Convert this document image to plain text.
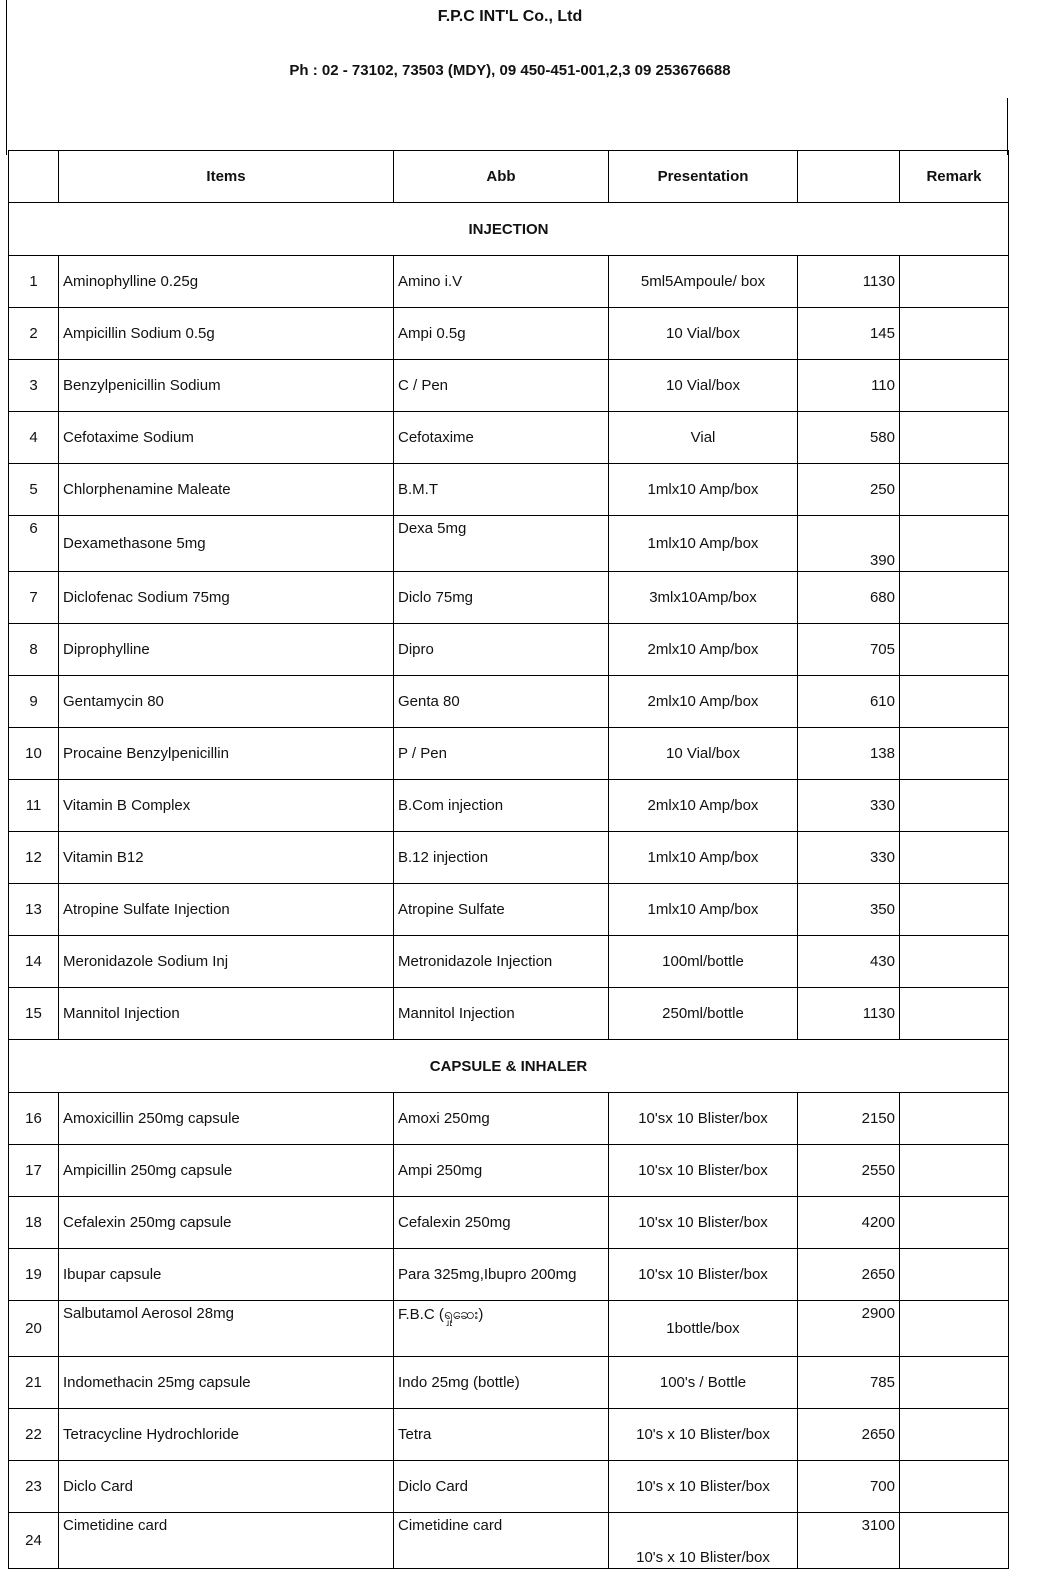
F.P.C INT'L Co., Ltd
Ph : 02 - 73102, 73503 (MDY), 09 450-451-001,2,3 09 253676688
	Items	Abb	Presentation		Remark
INJECTION					
1	Aminophylline 0.25g	Amino i.V	5ml5Ampoule/ box	1130	
2	Ampicillin Sodium 0.5g	Ampi 0.5g	10 Vial/box	145	
3	Benzylpenicillin Sodium	C / Pen	10 Vial/box	110	
4	Cefotaxime Sodium	Cefotaxime	Vial	580	
5	Chlorphenamine Maleate	B.M.T	1mlx10 Amp/box	250	
6	Dexamethasone 5mg	Dexa 5mg	1mlx10 Amp/box	390	
7	Diclofenac Sodium 75mg	Diclo 75mg	3mlx10Amp/box	680	
8	Diprophylline	Dipro	2mlx10 Amp/box	705	
9	Gentamycin 80	Genta 80	2mlx10 Amp/box	610	
10	Procaine Benzylpenicillin	P / Pen	10 Vial/box	138	
11	Vitamin B Complex	B.Com injection	2mlx10 Amp/box	330	
12	Vitamin B12	B.12 injection	1mlx10 Amp/box	330	
13	Atropine Sulfate Injection	Atropine Sulfate	1mlx10 Amp/box	350	
14	Meronidazole Sodium Inj	Metronidazole Injection	100ml/bottle	430	
15	Mannitol Injection	Mannitol Injection	250ml/bottle	1130	
CAPSULE & INHALER					
16	Amoxicillin 250mg capsule	Amoxi 250mg	10'sx 10 Blister/box	2150	
17	Ampicillin 250mg capsule	Ampi 250mg	10'sx 10 Blister/box	2550	
18	Cefalexin 250mg capsule	Cefalexin 250mg	10'sx 10 Blister/box	4200	
19	Ibupar capsule	Para 325mg,Ibupro 200mg	10'sx 10 Blister/box	2650	
20	Salbutamol Aerosol 28mg	F.B.C (ရှုဆေး)	1bottle/box	2900	
21	Indomethacin 25mg capsule	Indo 25mg (bottle)	100's / Bottle	785	
22	Tetracycline Hydrochloride	Tetra	10's x 10 Blister/box	2650	
23	Diclo Card	Diclo Card	10's x 10 Blister/box	700	
24	Cimetidine card	Cimetidine card	10's x 10 Blister/box	3100	
